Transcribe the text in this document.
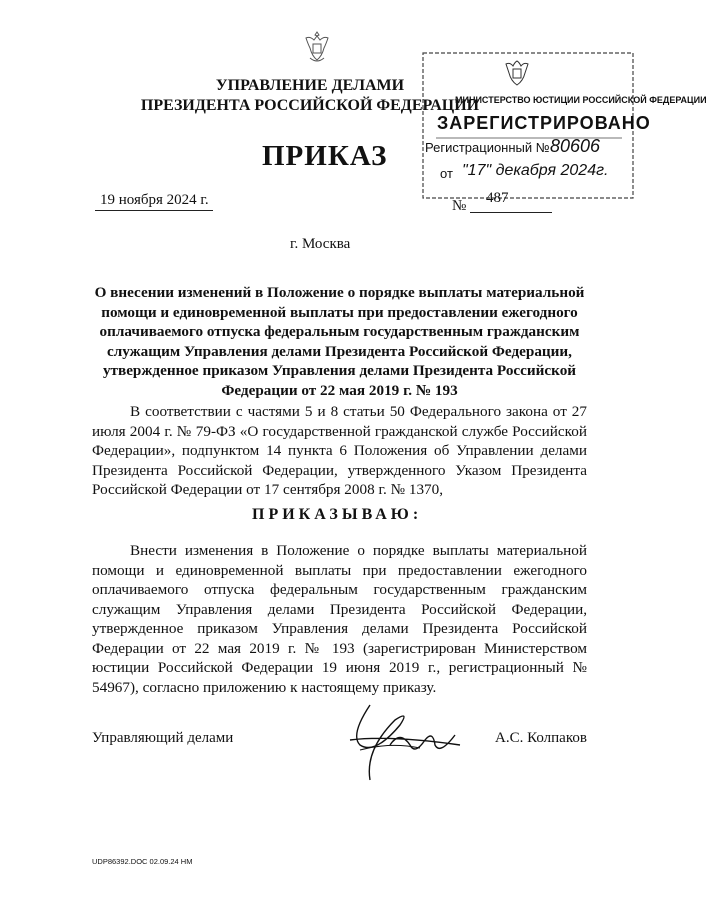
УПРАВЛЕНИЕ ДЕЛАМИ
ПРЕЗИДЕНТА РОССИЙСКОЙ ФЕДЕРАЦИИ
МИНИСТЕРСТВО ЮСТИЦИИ РОССИЙСКОЙ ФЕДЕРАЦИИ
ЗАРЕГИСТРИРОВАНО
Регистрационный № 80606
от "17" декабря 2024г.
ПРИКАЗ
19 ноября 2024 г.	№ 487
г. Москва
О внесении изменений в Положение о порядке выплаты материальной помощи и единовременной выплаты при предоставлении ежегодного оплачиваемого отпуска федеральным государственным гражданским служащим Управления делами Президента Российской Федерации, утвержденное приказом Управления делами Президента Российской Федерации от 22 мая 2019 г. № 193
В соответствии с частями 5 и 8 статьи 50 Федерального закона от 27 июля 2004 г. № 79-ФЗ «О государственной гражданской службе Российской Федерации», подпунктом 14 пункта 6 Положения об Управлении делами Президента Российской Федерации, утвержденного Указом Президента Российской Федерации от 17 сентября 2008 г. № 1370,
ПРИКАЗЫВАЮ:
Внести изменения в Положение о порядке выплаты материальной помощи и единовременной выплаты при предоставлении ежегодного оплачиваемого отпуска федеральным государственным гражданским служащим Управления делами Президента Российской Федерации, утвержденное приказом Управления делами Президента Российской Федерации от 22 мая 2019 г. № 193 (зарегистрирован Министерством юстиции Российской Федерации 19 июня 2019 г., регистрационный № 54967), согласно приложению к настоящему приказу.
Управляющий делами	А.С. Колпаков
UDP86392.DOC 02.09.24 HM
